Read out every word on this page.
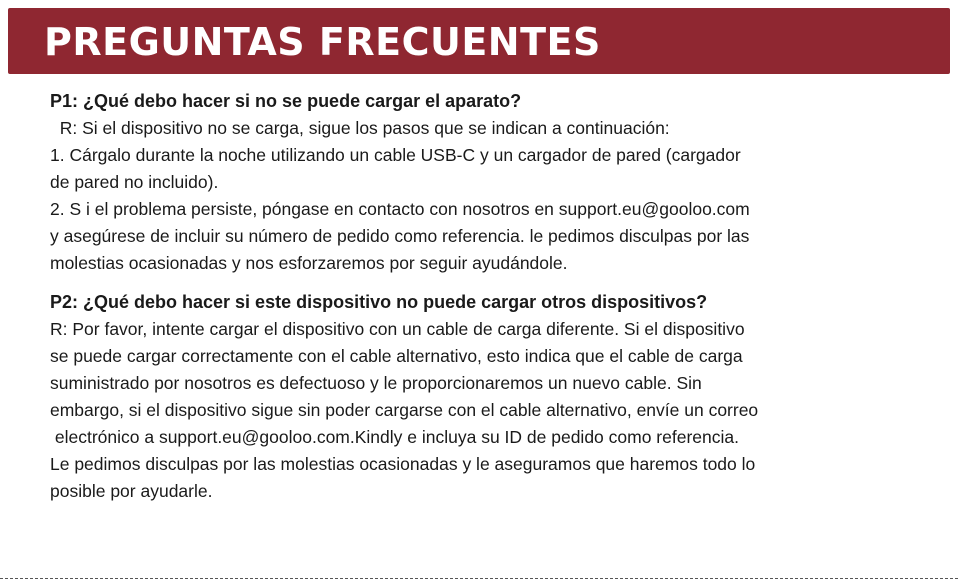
PREGUNTAS FRECUENTES

P1: ¿Qué debo hacer si no se puede cargar el aparato?

R: Si el dispositivo no se carga, sigue los pasos que se indican a continuación:

1. Cárgalo durante la noche utilizando un cable USB-C y un cargador de pared (cargador

de pared no incluido).

2. S i el problema persiste, póngase en contacto con nosotros en support.eu@gooloo.com

y asegúrese de incluir su número de pedido como referencia. le pedimos disculpas por las

molestias ocasionadas y nos esforzaremos por seguir ayudándole.

P2: ¿Qué debo hacer si este dispositivo no puede cargar otros dispositivos?

R: Por favor, intente cargar el dispositivo con un cable de carga diferente. Si el dispositivo

se puede cargar correctamente con el cable alternativo, esto indica que el cable de carga

suministrado por nosotros es defectuoso y le proporcionaremos un nuevo cable. Sin

embargo, si el dispositivo sigue sin poder cargarse con el cable alternativo, envíe un correo

electrónico a support.eu@gooloo.com.Kindly e incluya su ID de pedido como referencia.

Le pedimos disculpas por las molestias ocasionadas y le aseguramos que haremos todo lo

posible por ayudarle.
